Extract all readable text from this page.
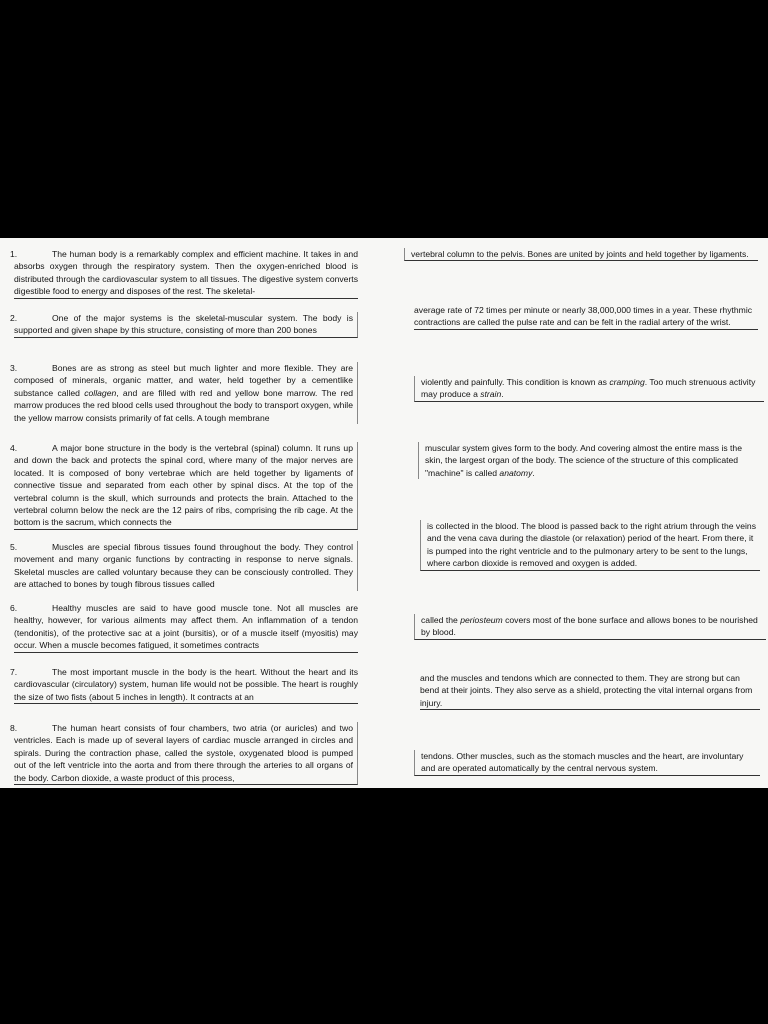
1.	The human body is a remarkably complex and efficient machine. It takes in and absorbs oxygen through the respiratory system. Then the oxygen-enriched blood is distributed through the cardiovascular system to all tissues. The digestive system converts digestible food to energy and disposes of the rest. The skeletal-
2.	One of the major systems is the skeletal-muscular system. The body is supported and given shape by this structure, consisting of more than 200 bones
3.	Bones are as strong as steel but much lighter and more flexible. They are composed of minerals, organic matter, and water, held together by a cementlike substance called collagen, and are filled with red and yellow bone marrow. The red marrow produces the red blood cells used throughout the body to transport oxygen, while the yellow marrow consists primarily of fat cells. A tough membrane
4.	A major bone structure in the body is the vertebral (spinal) column. It runs up and down the back and protects the spinal cord, where many of the major nerves are located. It is composed of bony vertebrae which are held together by ligaments of connective tissue and separated from each other by spinal discs. At the top of the vertebral column is the skull, which surrounds and protects the brain. Attached to the vertebral column below the neck are the 12 pairs of ribs, comprising the rib cage. At the bottom is the sacrum, which connects the
5.	Muscles are special fibrous tissues found throughout the body. They control movement and many organic functions by contracting in response to nerve signals. Skeletal muscles are called voluntary because they can be consciously controlled. They are attached to bones by tough fibrous tissues called
6.	Healthy muscles are said to have good muscle tone. Not all muscles are healthy, however, for various ailments may affect them. An inflammation of a tendon (tendonitis), of the protective sac at a joint (bursitis), or of a muscle itself (myositis) may occur. When a muscle becomes fatigued, it sometimes contracts
7.	The most important muscle in the body is the heart. Without the heart and its cardiovascular (circulatory) system, human life would not be possible. The heart is roughly the size of two fists (about 5 inches in length). It contracts at an
8.	The human heart consists of four chambers, two atria (or auricles) and two ventricles. Each is made up of several layers of cardiac muscle arranged in circles and spirals. During the contraction phase, called the systole, oxygenated blood is pumped out of the left ventricle into the aorta and from there through the arteries to all organs of the body. Carbon dioxide, a waste product of this process,
vertebral column to the pelvis. Bones are united by joints and held together by ligaments.
average rate of 72 times per minute or nearly 38,000,000 times in a year. These rhythmic contractions are called the pulse rate and can be felt in the radial artery of the wrist.
violently and painfully. This condition is known as cramping. Too much strenuous activity may produce a strain.
muscular system gives form to the body. And covering almost the entire mass is the skin, the largest organ of the body. The science of the structure of this complicated "machine" is called anatomy.
is collected in the blood. The blood is passed back to the right atrium through the veins and the vena cava during the diastole (or relaxation) period of the heart. From there, it is pumped into the right ventricle and to the pulmonary artery to be sent to the lungs, where carbon dioxide is removed and oxygen is added.
called the periosteum covers most of the bone surface and allows bones to be nourished by blood.
and the muscles and tendons which are connected to them. They are strong but can bend at their joints. They also serve as a shield, protecting the vital internal organs from injury.
tendons. Other muscles, such as the stomach muscles and the heart, are involuntary and are operated automatically by the central nervous system.
